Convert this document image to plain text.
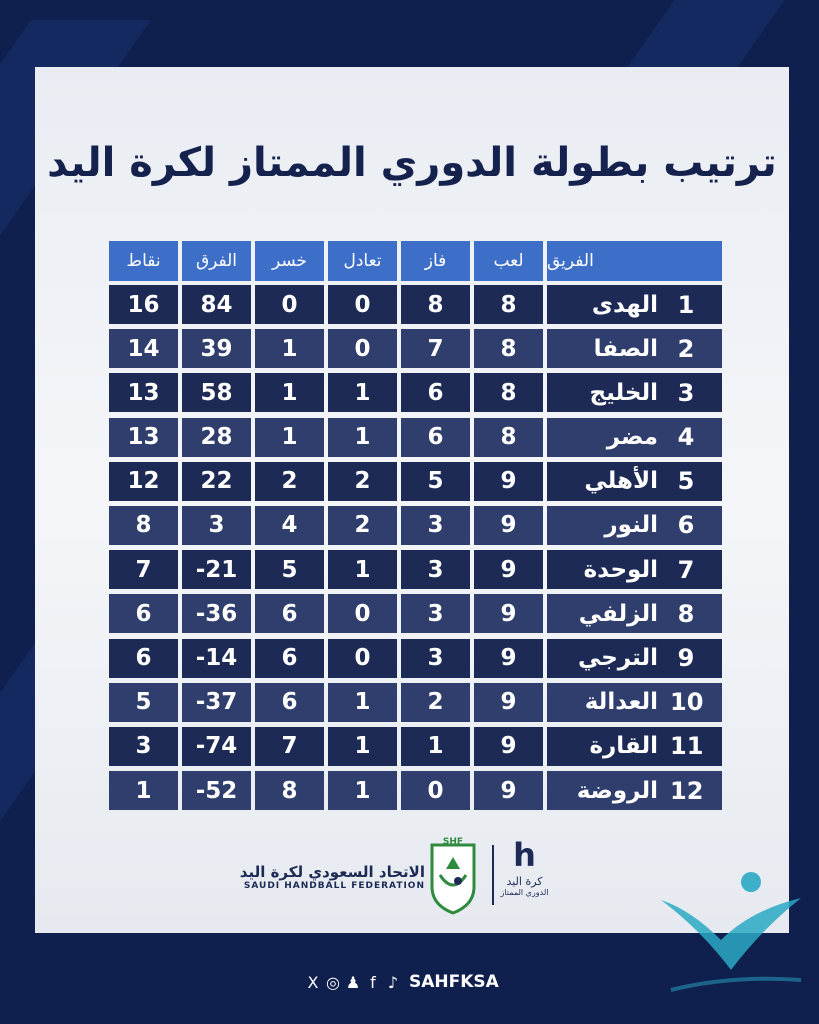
ترتيب بطولة الدوري الممتاز لكرة اليد
الفريق
لعب
فاز
تعادل
خسر
الفرق
نقاط
الهدى 1
8
8
0
0
84
16
الصفا 2
8
7
0
1
39
14
الخليج 3
8
6
1
1
58
13
مضر 4
8
6
1
1
28
13
الأهلي 5
9
5
2
2
22
12
النور 6
9
3
2
4
3
8
الوحدة 7
9
3
1
5
-21
7
الزلفي 8
9
3
0
6
-36
6
الترجي 9
9
3
0
6
-14
6
العدالة 10
9
2
1
6
-37
5
القارة 11
9
1
1
7
-74
3
الروضة 12
9
0
1
8
-52
1
الاتحاد السعودي لكرة اليد
SAUDI HANDBALL FEDERATION
SHF	h
كرة اليد
الدوري الممتاز
X ◎ ♟ f ♪ SAHFKSA
